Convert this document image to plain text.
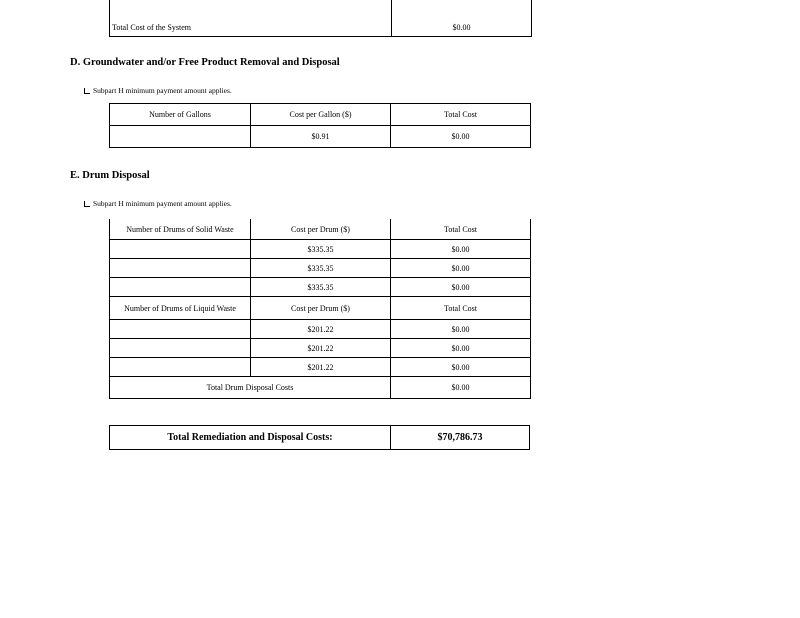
Total Cost of the System	$0.00
D. Groundwater and/or Free Product Removal and Disposal
Subpart H minimum payment amount applies.
Number of Gallons	Cost per Gallon ($)	Total Cost
	$0.91	$0.00
E. Drum Disposal
Subpart H minimum payment amount applies.
Number of Drums of Solid Waste	Cost per Drum ($)	Total Cost
	$335.35	$0.00
	$335.35	$0.00
	$335.35	$0.00
Number of Drums of Liquid Waste	Cost per Drum ($)	Total Cost
	$201.22	$0.00
	$201.22	$0.00
	$201.22	$0.00
Total Drum Disposal Costs		$0.00
Total Remediation and Disposal Costs:	$70,786.73
